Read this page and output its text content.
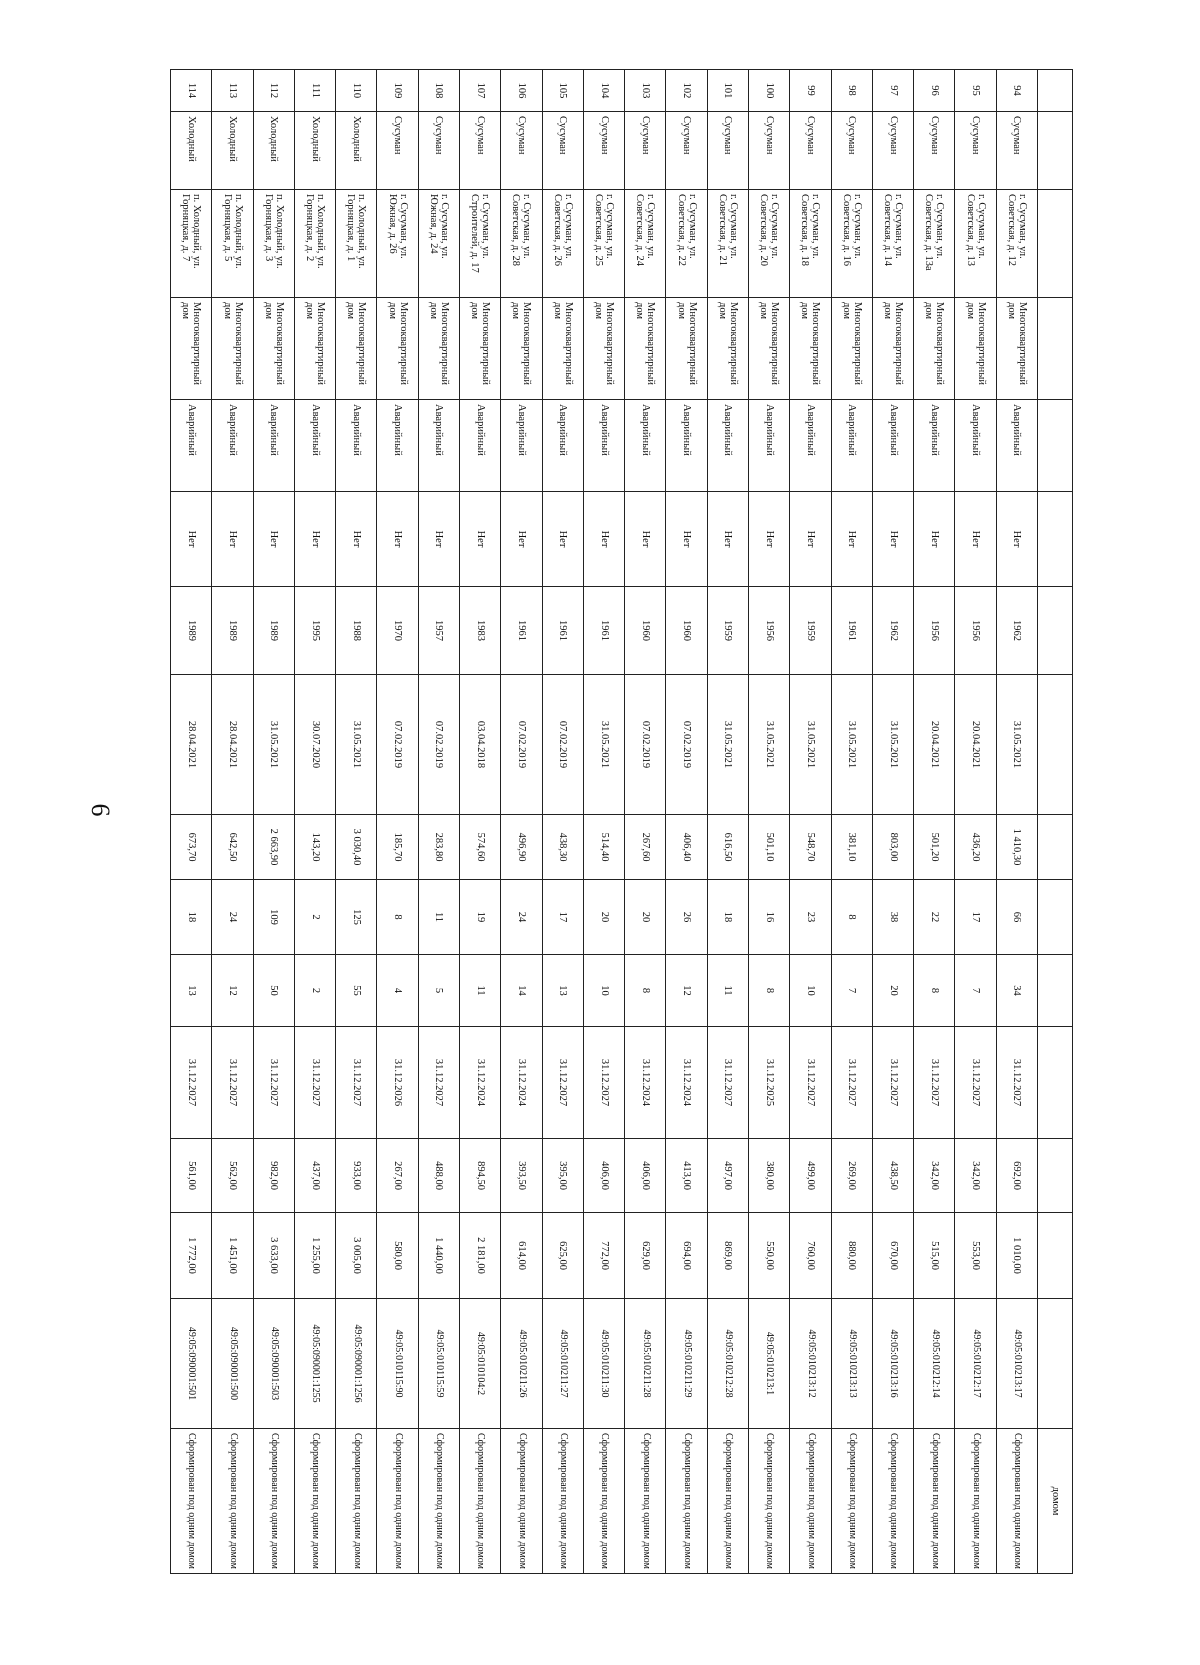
6
															домом
94	Сусуман	г. Сусуман, ул. Советская, д. 12	Многоквартирный дом	Аварийный	Нет	1962	31.05.2021	1 410,30	66	34	31.12.2027	692,00	1 010,00	49:05:010213:17	Сформирован под одним домом
95	Сусуман	г. Сусуман, ул. Советская, д. 13	Многоквартирный дом	Аварийный	Нет	1956	20.04.2021	436,20	17	7	31.12.2027	342,00	553,00	49:05:010212:17	Сформирован под одним домом
96	Сусуман	г. Сусуман, ул. Советская, д. 13а	Многоквартирный дом	Аварийный	Нет	1956	20.04.2021	501,20	22	8	31.12.2027	342,00	515,00	49:05:010212:14	Сформирован под одним домом
97	Сусуман	г. Сусуман, ул. Советская, д. 14	Многоквартирный дом	Аварийный	Нет	1962	31.05.2021	803,00	38	20	31.12.2027	438,50	670,00	49:05:010213:16	Сформирован под одним домом
98	Сусуман	г. Сусуман, ул. Советская, д. 16	Многоквартирный дом	Аварийный	Нет	1961	31.05.2021	381,10	8	7	31.12.2027	269,00	880,00	49:05:010213:13	Сформирован под одним домом
99	Сусуман	г. Сусуман, ул. Советская, д. 18	Многоквартирный дом	Аварийный	Нет	1959	31.05.2021	548,70	23	10	31.12.2027	499,00	760,00	49:05:010213:12	Сформирован под одним домом
100	Сусуман	г. Сусуман, ул. Советская, д. 20	Многоквартирный дом	Аварийный	Нет	1956	31.05.2021	501,10	16	8	31.12.2025	380,00	550,00	49:05:010213:1	Сформирован под одним домом
101	Сусуман	г. Сусуман, ул. Советская, д. 21	Многоквартирный дом	Аварийный	Нет	1959	31.05.2021	616,50	18	11	31.12.2027	497,00	869,00	49:05:010212:28	Сформирован под одним домом
102	Сусуман	г. Сусуман, ул. Советская, д. 22	Многоквартирный дом	Аварийный	Нет	1960	07.02.2019	406,40	26	12	31.12.2024	413,00	694,00	49:05:010211:29	Сформирован под одним домом
103	Сусуман	г. Сусуман, ул. Советская, д. 24	Многоквартирный дом	Аварийный	Нет	1960	07.02.2019	267,60	20	8	31.12.2024	406,00	629,00	49:05:010211:28	Сформирован под одним домом
104	Сусуман	г. Сусуман, ул. Советская, д. 25	Многоквартирный дом	Аварийный	Нет	1961	31.05.2021	514,40	20	10	31.12.2027	406,00	772,00	49:05:010211:30	Сформирован под одним домом
105	Сусуман	г. Сусуман, ул. Советская, д. 26	Многоквартирный дом	Аварийный	Нет	1961	07.02.2019	438,30	17	13	31.12.2027	395,00	625,00	49:05:010211:27	Сформирован под одним домом
106	Сусуман	г. Сусуман, ул. Советская, д. 28	Многоквартирный дом	Аварийный	Нет	1961	07.02.2019	496,90	24	14	31.12.2024	393,50	614,00	49:05:010211:26	Сформирован под одним домом
107	Сусуман	г. Сусуман, ул. Строителей, д. 17	Многоквартирный дом	Аварийный	Нет	1983	03.04.2018	574,60	19	11	31.12.2024	894,50	2 181,00	49:05:010104:2	Сформирован под одним домом
108	Сусуман	г. Сусуман, ул. Южная, д. 24	Многоквартирный дом	Аварийный	Нет	1957	07.02.2019	283,80	11	5	31.12.2027	488,00	1 440,00	49:05:010115:59	Сформирован под одним домом
109	Сусуман	г. Сусуман, ул. Южная, д. 26	Многоквартирный дом	Аварийный	Нет	1970	07.02.2019	185,70	8	4	31.12.2026	267,00	580,00	49:05:010115:90	Сформирован под одним домом
110	Холодный	п. Холодный, ул. Горняцкая, д. 1	Многоквартирный дом	Аварийный	Нет	1988	31.05.2021	3 030,40	125	55	31.12.2027	933,00	3 005,00	49:05:090001:1256	Сформирован под одним домом
111	Холодный	п. Холодный, ул. Горняцкая, д. 2	Многоквартирный дом	Аварийный	Нет	1995	30.07.2020	143,20	2	2	31.12.2027	437,00	1 255,00	49:05:090001:1255	Сформирован под одним домом
112	Холодный	п. Холодный, ул. Горняцкая, д. 3	Многоквартирный дом	Аварийный	Нет	1989	31.05.2021	2 663,90	109	50	31.12.2027	982,00	3 633,00	49:05:090001:503	Сформирован под одним домом
113	Холодный	п. Холодный, ул. Горняцкая, д. 5	Многоквартирный дом	Аварийный	Нет	1989	28.04.2021	642,50	24	12	31.12.2027	562,00	1 451,00	49:05:090001:500	Сформирован под одним домом
114	Холодный	п. Холодный, ул. Горняцкая, д. 7	Многоквартирный дом	Аварийный	Нет	1989	28.04.2021	673,70	18	13	31.12.2027	561,00	1 772,00	49:05:090001:501	Сформирован под одним домом
